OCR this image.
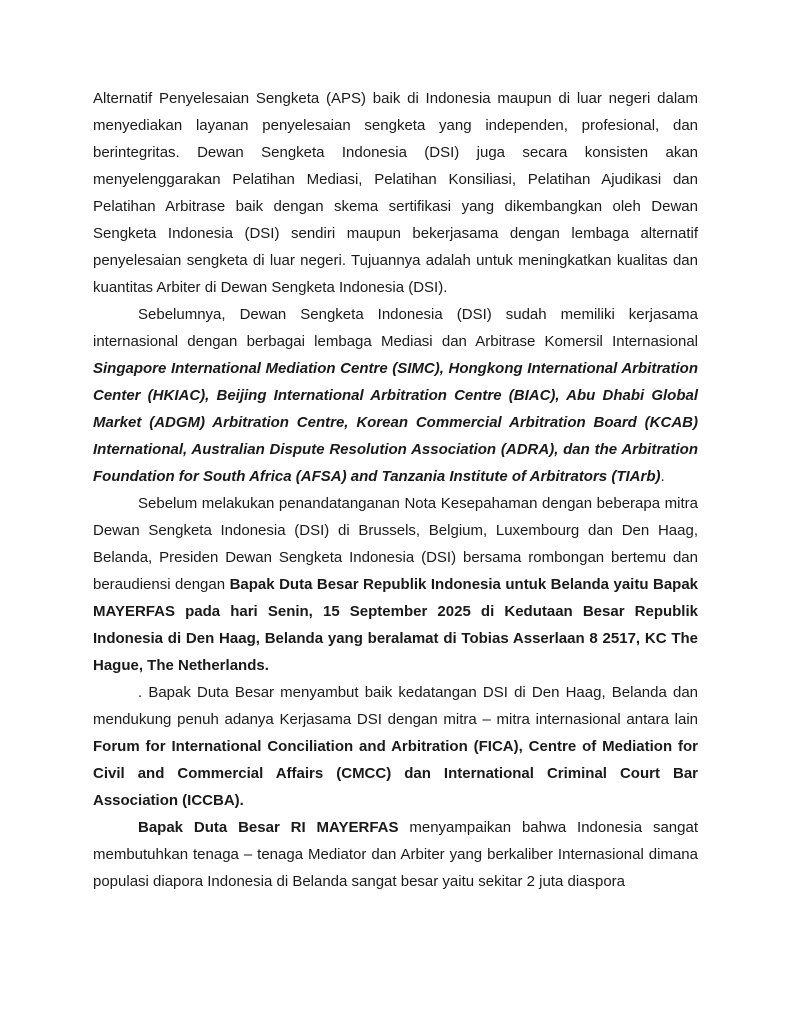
Alternatif Penyelesaian Sengketa (APS) baik di Indonesia maupun di luar negeri dalam menyediakan layanan penyelesaian sengketa yang independen, profesional, dan berintegritas. Dewan Sengketa Indonesia (DSI) juga secara konsisten akan menyelenggarakan Pelatihan Mediasi, Pelatihan Konsiliasi, Pelatihan Ajudikasi dan Pelatihan Arbitrase baik dengan skema sertifikasi yang dikembangkan oleh Dewan Sengketa Indonesia (DSI) sendiri maupun bekerjasama dengan lembaga alternatif penyelesaian sengketa di luar negeri. Tujuannya adalah untuk meningkatkan kualitas dan kuantitas Arbiter di Dewan Sengketa Indonesia (DSI).

Sebelumnya, Dewan Sengketa Indonesia (DSI) sudah memiliki kerjasama internasional dengan berbagai lembaga Mediasi dan Arbitrase Komersil Internasional Singapore International Mediation Centre (SIMC), Hongkong International Arbitration Center (HKIAC), Beijing International Arbitration Centre (BIAC), Abu Dhabi Global Market (ADGM) Arbitration Centre, Korean Commercial Arbitration Board (KCAB) International, Australian Dispute Resolution Association (ADRA), dan the Arbitration Foundation for South Africa (AFSA) and Tanzania Institute of Arbitrators (TIArb).

Sebelum melakukan penandatanganan Nota Kesepahaman dengan beberapa mitra Dewan Sengketa Indonesia (DSI) di Brussels, Belgium, Luxembourg dan Den Haag, Belanda, Presiden Dewan Sengketa Indonesia (DSI) bersama rombongan bertemu dan beraudiensi dengan Bapak Duta Besar Republik Indonesia untuk Belanda yaitu Bapak MAYERFAS pada hari Senin, 15 September 2025 di Kedutaan Besar Republik Indonesia di Den Haag, Belanda yang beralamat di Tobias Asserlaan 8 2517, KC The Hague, The Netherlands.

. Bapak Duta Besar menyambut baik kedatangan DSI di Den Haag, Belanda dan mendukung penuh adanya Kerjasama DSI dengan mitra – mitra internasional antara lain Forum for International Conciliation and Arbitration (FICA), Centre of Mediation for Civil and Commercial Affairs (CMCC) dan International Criminal Court Bar Association (ICCBA).

Bapak Duta Besar RI MAYERFAS menyampaikan bahwa Indonesia sangat membutuhkan tenaga – tenaga Mediator dan Arbiter yang berkaliber Internasional dimana populasi diapora Indonesia di Belanda sangat besar yaitu sekitar 2 juta diaspora
